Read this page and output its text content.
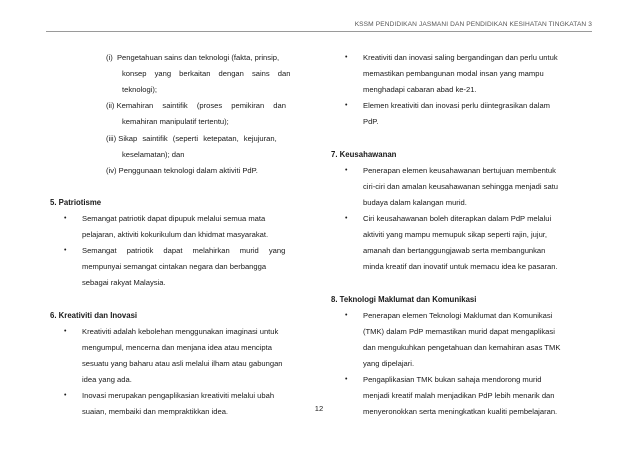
KSSM PENDIDIKAN JASMANI DAN PENDIDIKAN KESIHATAN TINGKATAN 3
(i) Pengetahuan sains dan teknologi (fakta, prinsip,
konsep yang berkaitan dengan sains dan
teknologi);
(ii) Kemahiran saintifik (proses pemikiran dan
kemahiran manipulatif tertentu);
(iii) Sikap saintifik (seperti ketepatan, kejujuran,
keselamatan); dan
(iv) Penggunaan teknologi dalam aktiviti PdP.
5. Patriotisme
• Semangat patriotik dapat dipupuk melalui semua mata
pelajaran, aktiviti kokurikulum dan khidmat masyarakat.
• Semangat patriotik dapat melahirkan murid yang
mempunyai semangat cintakan negara dan berbangga
sebagai rakyat Malaysia.
6. Kreativiti dan Inovasi
• Kreativiti adalah kebolehan menggunakan imaginasi untuk
mengumpul, mencerna dan menjana idea atau mencipta
sesuatu yang baharu atau asli melalui ilham atau gabungan
idea yang ada.
• Inovasi merupakan pengaplikasian kreativiti melalui ubah
suaian, membaiki dan mempraktikkan idea.
• Kreativiti dan inovasi saling bergandingan dan perlu untuk
memastikan pembangunan modal insan yang mampu
menghadapi cabaran abad ke-21.
• Elemen kreativiti dan inovasi perlu diintegrasikan dalam
PdP.
7. Keusahawanan
• Penerapan elemen keusahawanan bertujuan membentuk
ciri-ciri dan amalan keusahawanan sehingga menjadi satu
budaya dalam kalangan murid.
• Ciri keusahawanan boleh diterapkan dalam PdP melalui
aktiviti yang mampu memupuk sikap seperti rajin, jujur,
amanah dan bertanggungjawab serta membangunkan
minda kreatif dan inovatif untuk memacu idea ke pasaran.
8. Teknologi Maklumat dan Komunikasi
• Penerapan elemen Teknologi Maklumat dan Komunikasi
(TMK) dalam PdP memastikan murid dapat mengaplikasi
dan mengukuhkan pengetahuan dan kemahiran asas TMK
yang dipelajari.
• Pengaplikasian TMK bukan sahaja mendorong murid
menjadi kreatif malah menjadikan PdP lebih menarik dan
menyeronokkan serta meningkatkan kualiti pembelajaran.
12
